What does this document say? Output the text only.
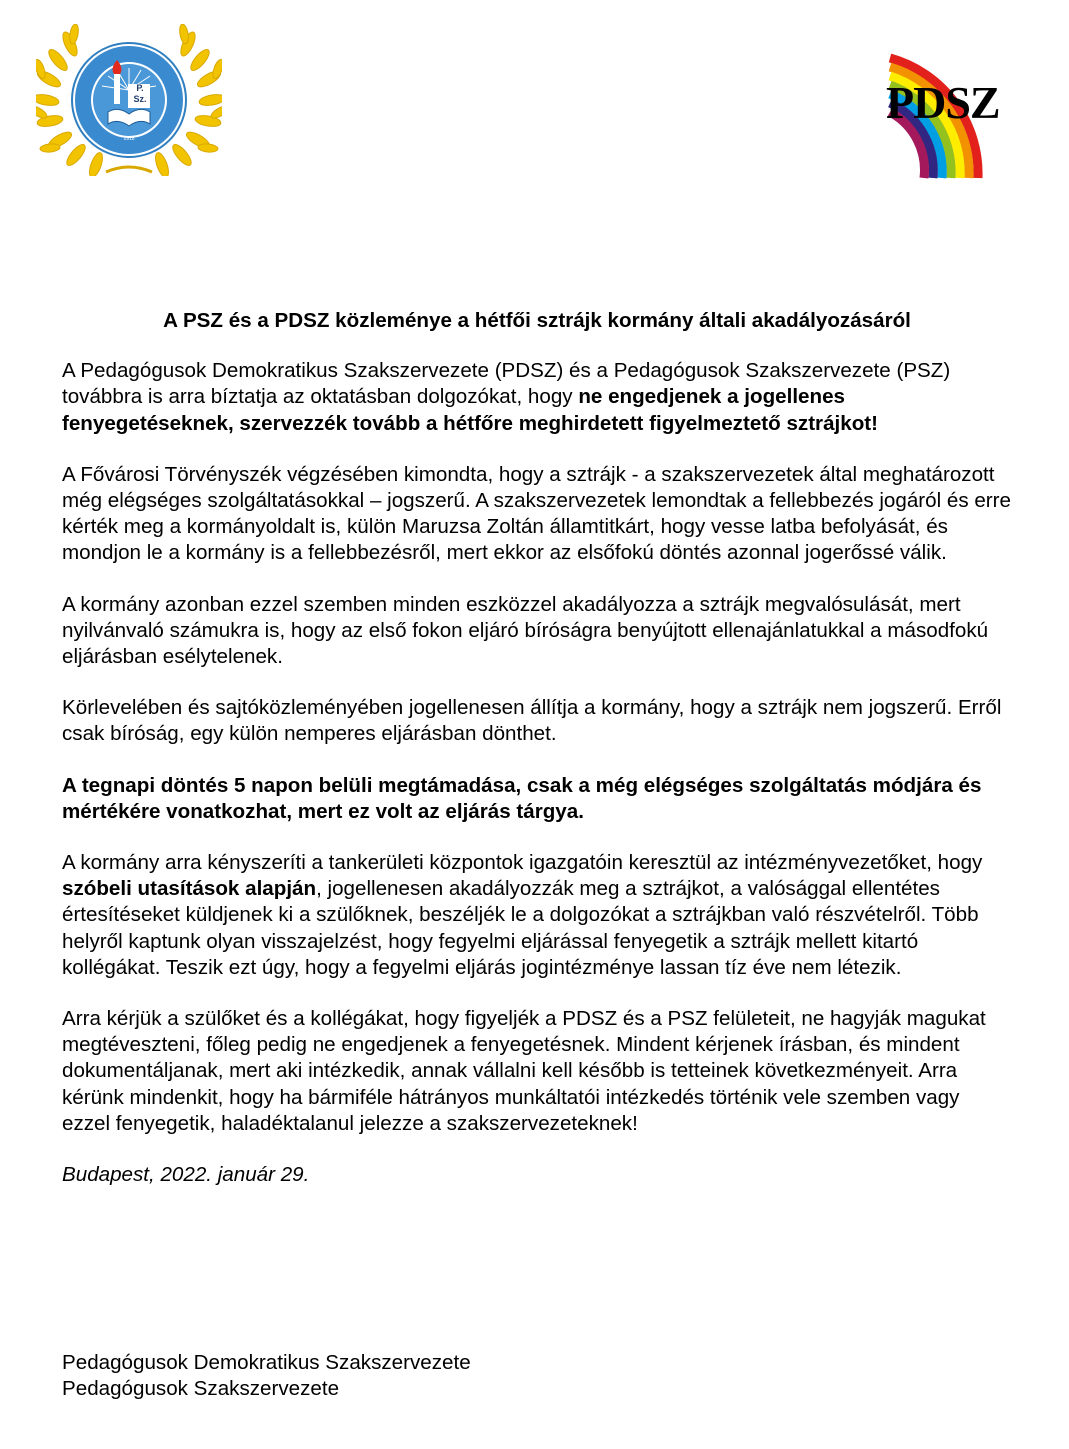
P.
Sz.
1918
PDSZ
A PSZ és a PDSZ közleménye a hétfői sztrájk kormány általi akadályozásáról

A Pedagógusok Demokratikus Szakszervezete (PDSZ) és a Pedagógusok Szakszervezete (PSZ) továbbra is arra bíztatja az oktatásban dolgozókat, hogy ne engedjenek a jogellenes fenyegetéseknek, szervezzék tovább a hétfőre meghirdetett figyelmeztető sztrájkot!

A Fővárosi Törvényszék végzésében kimondta, hogy a sztrájk - a szakszervezetek által meghatározott még elégséges szolgáltatásokkal – jogszerű. A szakszervezetek lemondtak a fellebbezés jogáról és erre kérték meg a kormányoldalt is, külön Maruzsa Zoltán államtitkárt, hogy vesse latba befolyását, és mondjon le a kormány is a fellebbezésről, mert ekkor az elsőfokú döntés azonnal jogerőssé válik.

A kormány azonban ezzel szemben minden eszközzel akadályozza a sztrájk megvalósulását, mert nyilvánvaló számukra is, hogy az első fokon eljáró bíróságra benyújtott ellenajánlatukkal a másodfokú eljárásban esélytelenek.

Körlevelében és sajtóközleményében jogellenesen állítja a kormány, hogy a sztrájk nem jogszerű. Erről csak bíróság, egy külön nemperes eljárásban dönthet.

A tegnapi döntés 5 napon belüli megtámadása, csak a még elégséges szolgáltatás módjára és mértékére vonatkozhat, mert ez volt az eljárás tárgya.

A kormány arra kényszeríti a tankerületi központok igazgatóin keresztül az intézményvezetőket, hogy szóbeli utasítások alapján, jogellenesen akadályozzák meg a sztrájkot, a valósággal ellentétes értesítéseket küldjenek ki a szülőknek, beszéljék le a dolgozókat a sztrájkban való részvételről. Több helyről kaptunk olyan visszajelzést, hogy fegyelmi eljárással fenyegetik a sztrájk mellett kitartó kollégákat. Teszik ezt úgy, hogy a fegyelmi eljárás jogintézménye lassan tíz éve nem létezik.

Arra kérjük a szülőket és a kollégákat, hogy figyeljék a PDSZ és a PSZ felületeit, ne hagyják magukat megtéveszteni, főleg pedig ne engedjenek a fenyegetésnek. Mindent kérjenek írásban, és mindent dokumentáljanak, mert aki intézkedik, annak vállalni kell később is tetteinek következményeit. Arra kérünk mindenkit, hogy ha bármiféle hátrányos munkáltatói intézkedés történik vele szemben vagy ezzel fenyegetik, haladéktalanul jelezze a szakszervezeteknek!

Budapest, 2022. január 29.

Pedagógusok Demokratikus Szakszervezete
Pedagógusok Szakszervezete
